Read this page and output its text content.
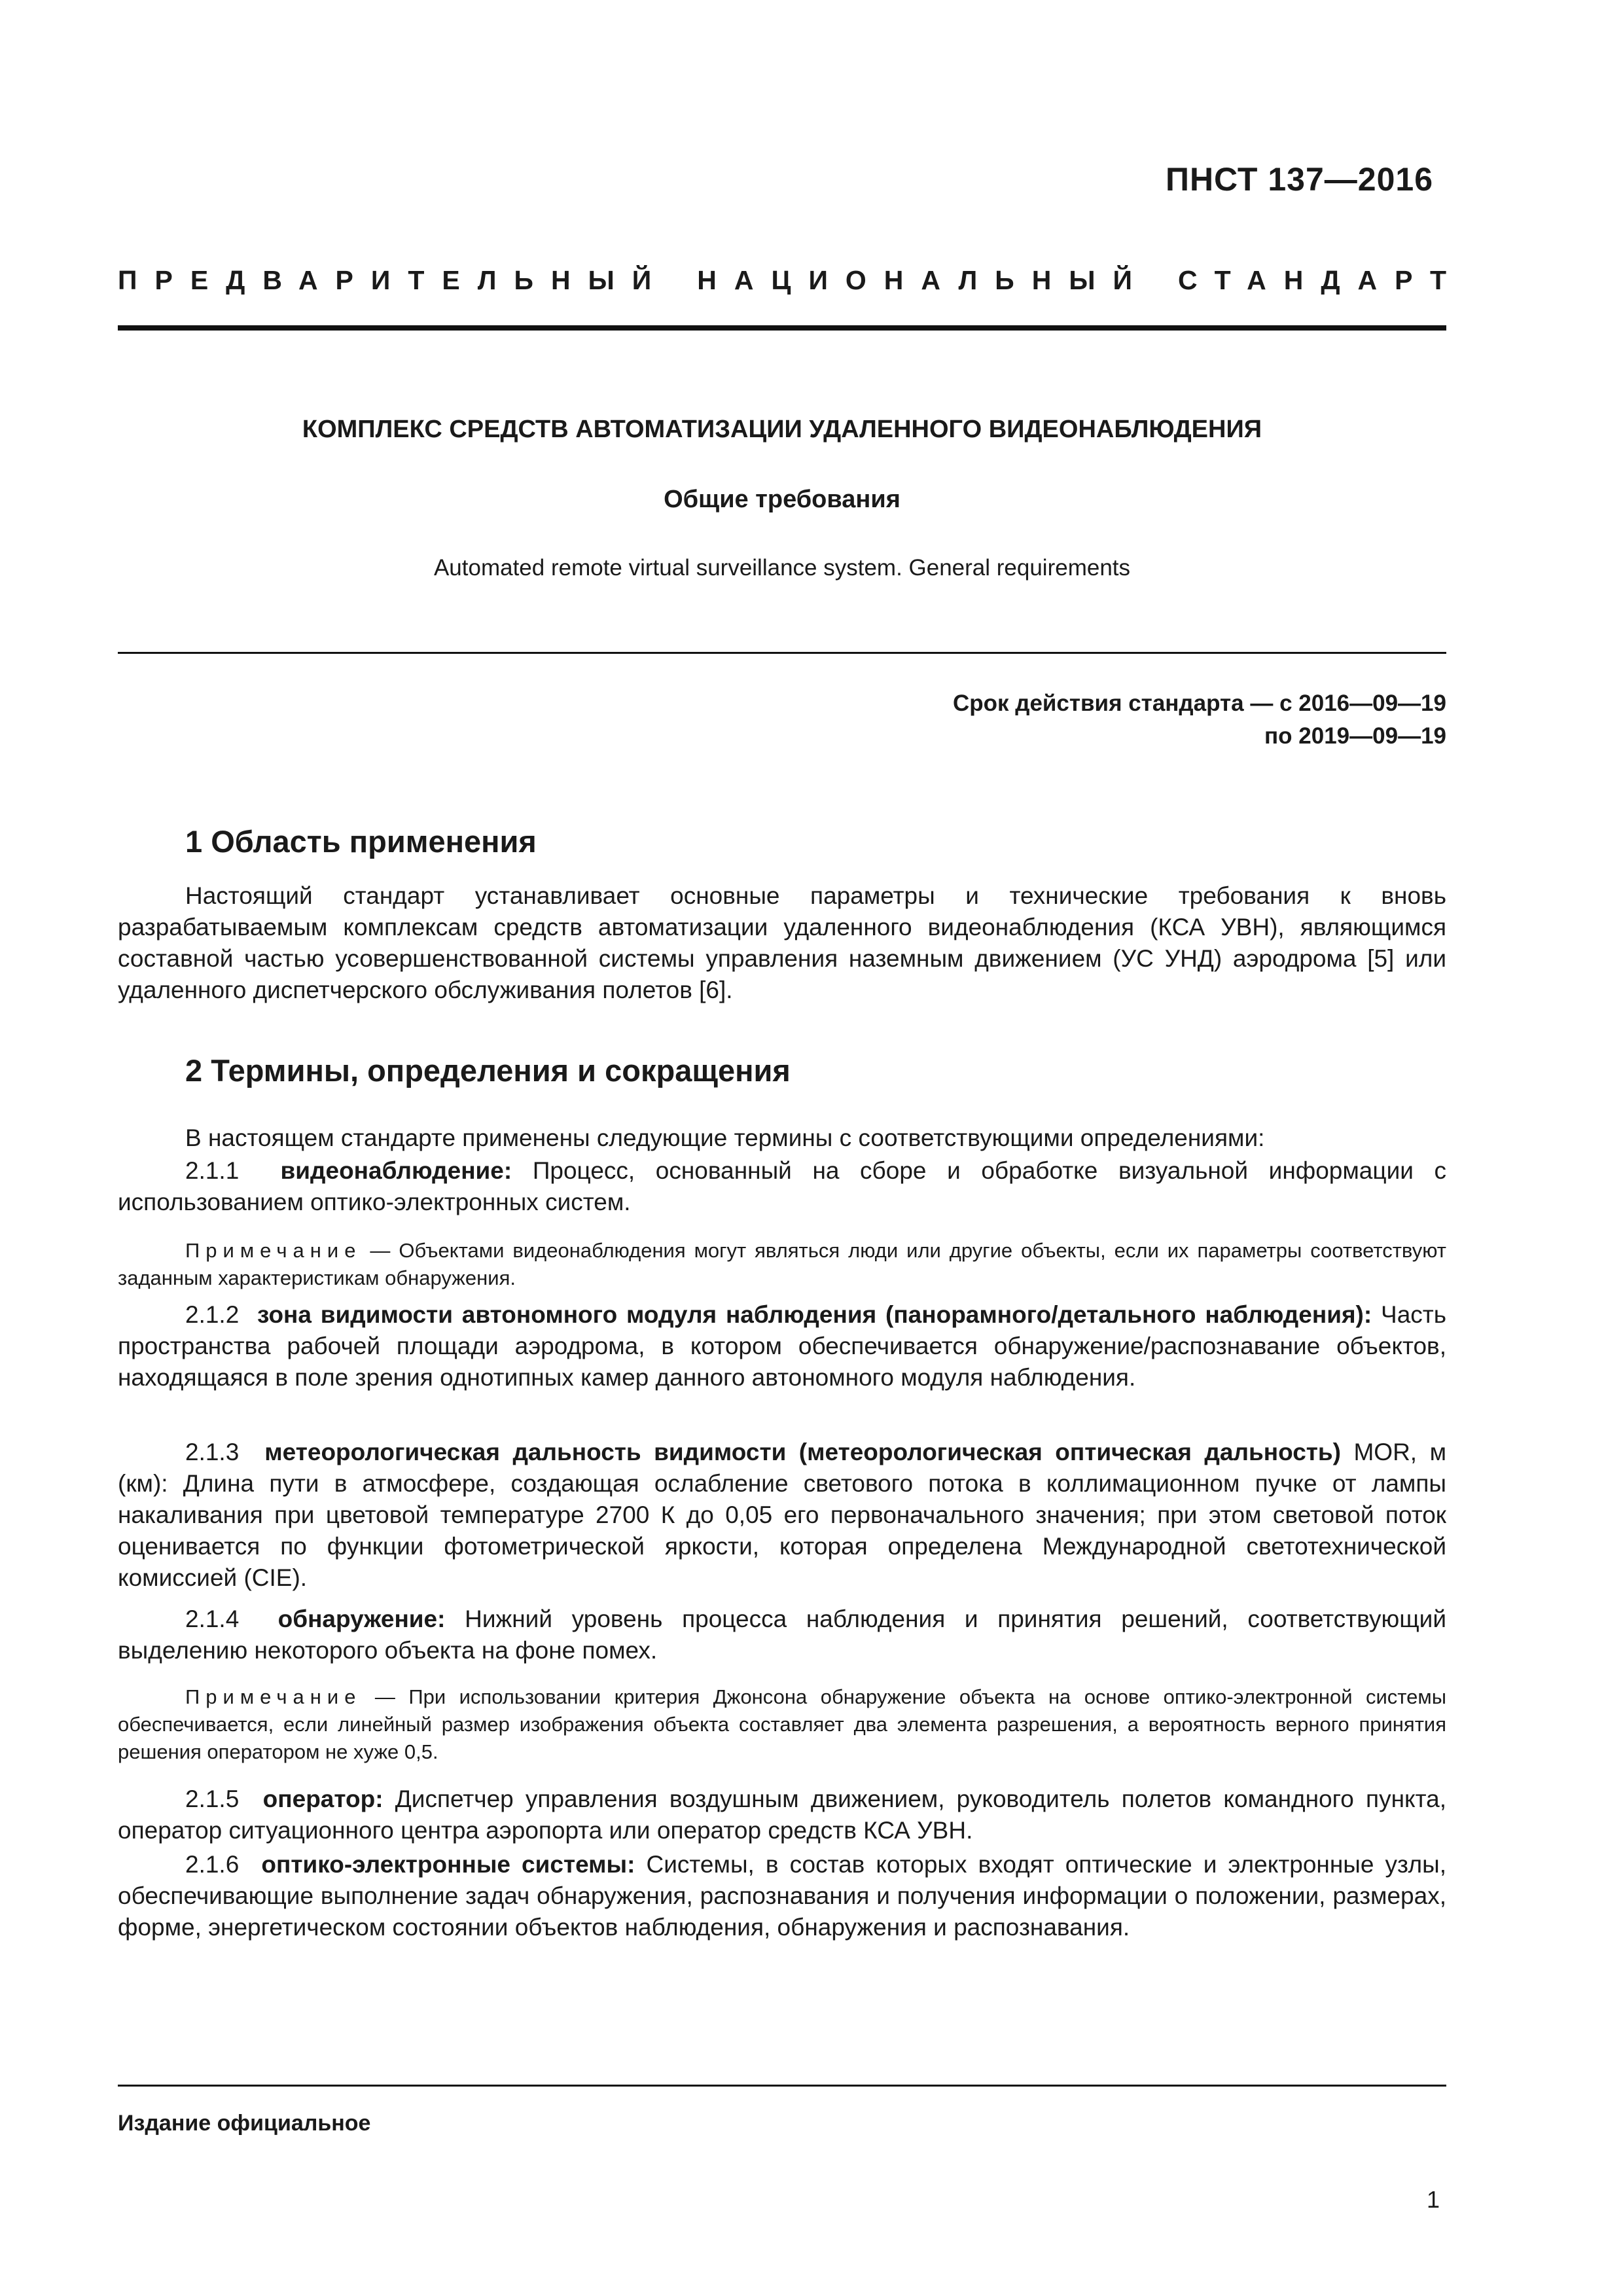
ПНСТ 137—2016
ПРЕДВАРИТЕЛЬНЫЙ НАЦИОНАЛЬНЫЙ СТАНДАРТ
КОМПЛЕКС СРЕДСТВ АВТОМАТИЗАЦИИ УДАЛЕННОГО ВИДЕОНАБЛЮДЕНИЯ
Общие требования
Automated remote virtual surveillance system. General requirements
Срок действия стандарта — с 2016—09—19
по 2019—09—19
1 Область применения
Настоящий стандарт устанавливает основные параметры и технические требования к вновь разрабатываемым комплексам средств автоматизации удаленного видеонаблюдения (КСА УВН), являющимся составной частью усовершенствованной системы управления наземным движением (УС УНД) аэродрома [5] или удаленного диспетчерского обслуживания полетов [6].
2 Термины, определения и сокращения
В настоящем стандарте применены следующие термины с соответствующими определениями:
2.1.1 видеонаблюдение: Процесс, основанный на сборе и обработке визуальной информации с использованием оптико-электронных систем.
Примечание — Объектами видеонаблюдения могут являться люди или другие объекты, если их параметры соответствуют заданным характеристикам обнаружения.
2.1.2 зона видимости автономного модуля наблюдения (панорамного/детального наблюдения): Часть пространства рабочей площади аэродрома, в котором обеспечивается обнаружение/распознавание объектов, находящаяся в поле зрения однотипных камер данного автономного модуля наблюдения.
2.1.3 метеорологическая дальность видимости (метеорологическая оптическая дальность) MOR, м (км): Длина пути в атмосфере, создающая ослабление светового потока в коллимационном пучке от лампы накаливания при цветовой температуре 2700 К до 0,05 его первоначального значения; при этом световой поток оценивается по функции фотометрической яркости, которая определена Международной светотехнической комиссией (CIE).
2.1.4 обнаружение: Нижний уровень процесса наблюдения и принятия решений, соответствующий выделению некоторого объекта на фоне помех.
Примечание — При использовании критерия Джонсона обнаружение объекта на основе оптико-электронной системы обеспечивается, если линейный размер изображения объекта составляет два элемента разрешения, а вероятность верного принятия решения оператором не хуже 0,5.
2.1.5 оператор: Диспетчер управления воздушным движением, руководитель полетов командного пункта, оператор ситуационного центра аэропорта или оператор средств КСА УВН.
2.1.6 оптико-электронные системы: Системы, в состав которых входят оптические и электронные узлы, обеспечивающие выполнение задач обнаружения, распознавания и получения информации о положении, размерах, форме, энергетическом состоянии объектов наблюдения, обнаружения и распознавания.
Издание официальное
1
